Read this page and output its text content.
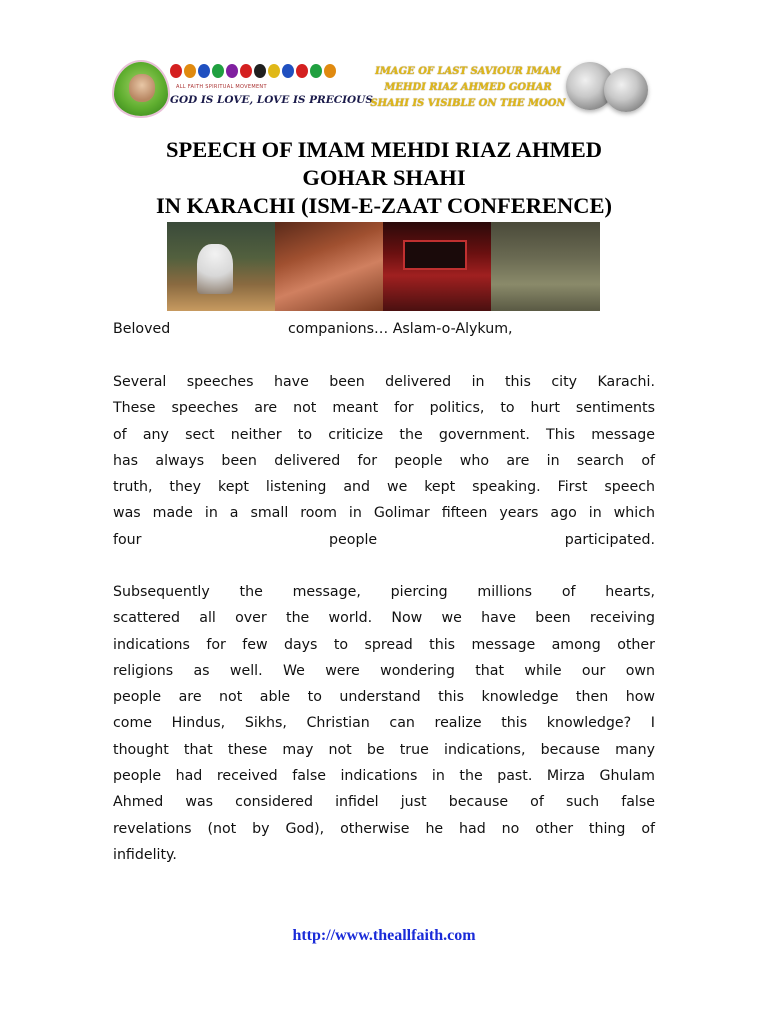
ALL FAITH SPIRITUAL MOVEMENT
GOD IS LOVE, LOVE IS PRECIOUS
IMAGE OF LAST SAVIOUR IMAM
MEHDI RIAZ AHMED GOHAR
SHAHI IS VISIBLE ON THE MOON
SPEECH OF IMAM MEHDI RIAZ AHMED
GOHAR SHAHI
IN KARACHI (ISM-E-ZAAT CONFERENCE)
Beloved	companions… Aslam-o-Alykum,
Several speeches have been delivered in this city Karachi.
These speeches are not meant for politics, to hurt sentiments
of any sect neither to criticize the government. This message
has always been delivered for people who are in search of
truth, they kept listening and we kept speaking. First speech
was made in a small room in Golimar fifteen years ago in which
four people participated.
Subsequently the message, piercing millions of hearts,
scattered all over the world. Now we have been receiving
indications for few days to spread this message among other
religions as well. We were wondering that while our own
people are not able to understand this knowledge then how
come Hindus, Sikhs, Christian can realize this knowledge? I
thought that these may not be true indications, because many
people had received false indications in the past. Mirza Ghulam
Ahmed was considered infidel just because of such false
revelations (not by God), otherwise he had no other thing of
infidelity.
http://www.theallfaith.com
